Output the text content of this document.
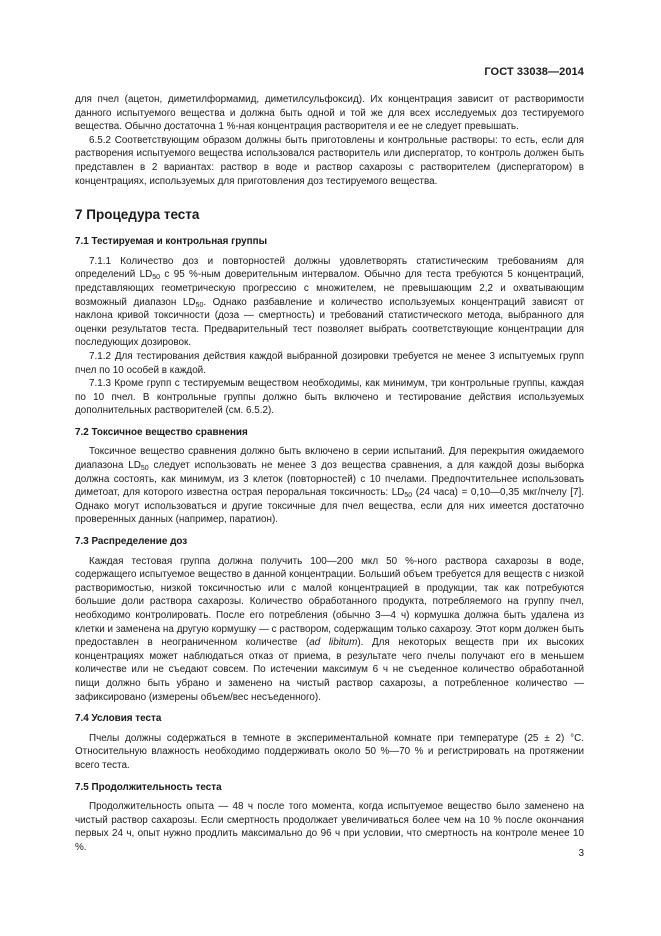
ГОСТ 33038—2014

для пчел (ацетон, диметилформамид, диметилсульфоксид). Их концентрация зависит от растворимости данного испытуемого вещества и должна быть одной и той же для всех исследуемых доз тестируемого вещества. Обычно достаточна 1 %-ная концентрация растворителя и ее не следует превышать.

6.5.2 Соответствующим образом должны быть приготовлены и контрольные растворы: то есть, если для растворения испытуемого вещества использовался растворитель или диспергатор, то контроль должен быть представлен в 2 вариантах: раствор в воде и раствор сахарозы с растворителем (диспергатором) в концентрациях, используемых для приготовления доз тестируемого вещества.

7 Процедура теста
7.1 Тестируемая и контрольная группы

7.1.1 Количество доз и повторностей должны удовлетворять статистическим требованиям для определений $LD_{50}$ с 95 %-ным доверительным интервалом. Обычно для теста требуются 5 концентраций, представляющих геометрическую прогрессию с множителем, не превышающим 2,2 и охватывающим возможный диапазон $LD_{50}$. Однако разбавление и количество используемых концентраций зависят от наклона кривой токсичности (доза — смертность) и требований статистического метода, выбранного для оценки результатов теста. Предварительный тест позволяет выбрать соответствующие концентрации для последующих дозировок.

7.1.2 Для тестирования действия каждой выбранной дозировки требуется не менее 3 испытуемых групп пчел по 10 особей в каждой.

7.1.3 Кроме групп с тестируемым веществом необходимы, как минимум, три контрольные группы, каждая по 10 пчел. В контрольные группы должно быть включено и тестирование действия используемых дополнительных растворителей (см. 6.5.2).

7.2 Токсичное вещество сравнения

Токсичное вещество сравнения должно быть включено в серии испытаний. Для перекрытия ожидаемого диапазона $LD_{50}$ следует использовать не менее 3 доз вещества сравнения, а для каждой дозы выборка должна состоять, как минимум, из 3 клеток (повторностей) с 10 пчелами. Предпочтительнее использовать диметоат, для которого известна острая пероральная токсичность: $LD_{50}$ (24 часа) = 0,10—0,35 мкг/пчелу [7]. Однако могут использоваться и другие токсичные для пчел вещества, если для них имеется достаточно проверенных данных (например, паратион).

7.3 Распределение доз

Каждая тестовая группа должна получить 100—200 мкл 50 %-ного раствора сахарозы в воде, содержащего испытуемое вещество в данной концентрации. Больший объем требуется для веществ с низкой растворимостью, низкой токсичностью или с малой концентрацией в продукции, так как потребуются большие доли раствора сахарозы. Количество обработанного продукта, потребляемого на группу пчел, необходимо контролировать. После его потребления (обычно 3—4 ч) кормушка должна быть удалена из клетки и заменена на другую кормушку — с раствором, содержащим только сахарозу. Этот корм должен быть предоставлен в неограниченном количестве (ad libitum). Для некоторых веществ при их высоких концентрациях может наблюдаться отказ от приема, в результате чего пчелы получают его в меньшем количестве или не съедают совсем. По истечении максимум 6 ч не съеденное количество обработанной пищи должно быть убрано и заменено на чистый раствор сахарозы, а потребленное количество — зафиксировано (измерены объем/вес несъеденного).

7.4 Условия теста

Пчелы должны содержаться в темноте в экспериментальной комнате при температуре (25 ± 2) °С. Относительную влажность необходимо поддерживать около 50 %—70 % и регистрировать на протяжении всего теста.

7.5 Продолжительность теста

Продолжительность опыта — 48 ч после того момента, когда испытуемое вещество было заменено на чистый раствор сахарозы. Если смертность продолжает увеличиваться более чем на 10 % после окончания первых 24 ч, опыт нужно продлить максимально до 96 ч при условии, что смертность на контроле менее 10 %.

3
